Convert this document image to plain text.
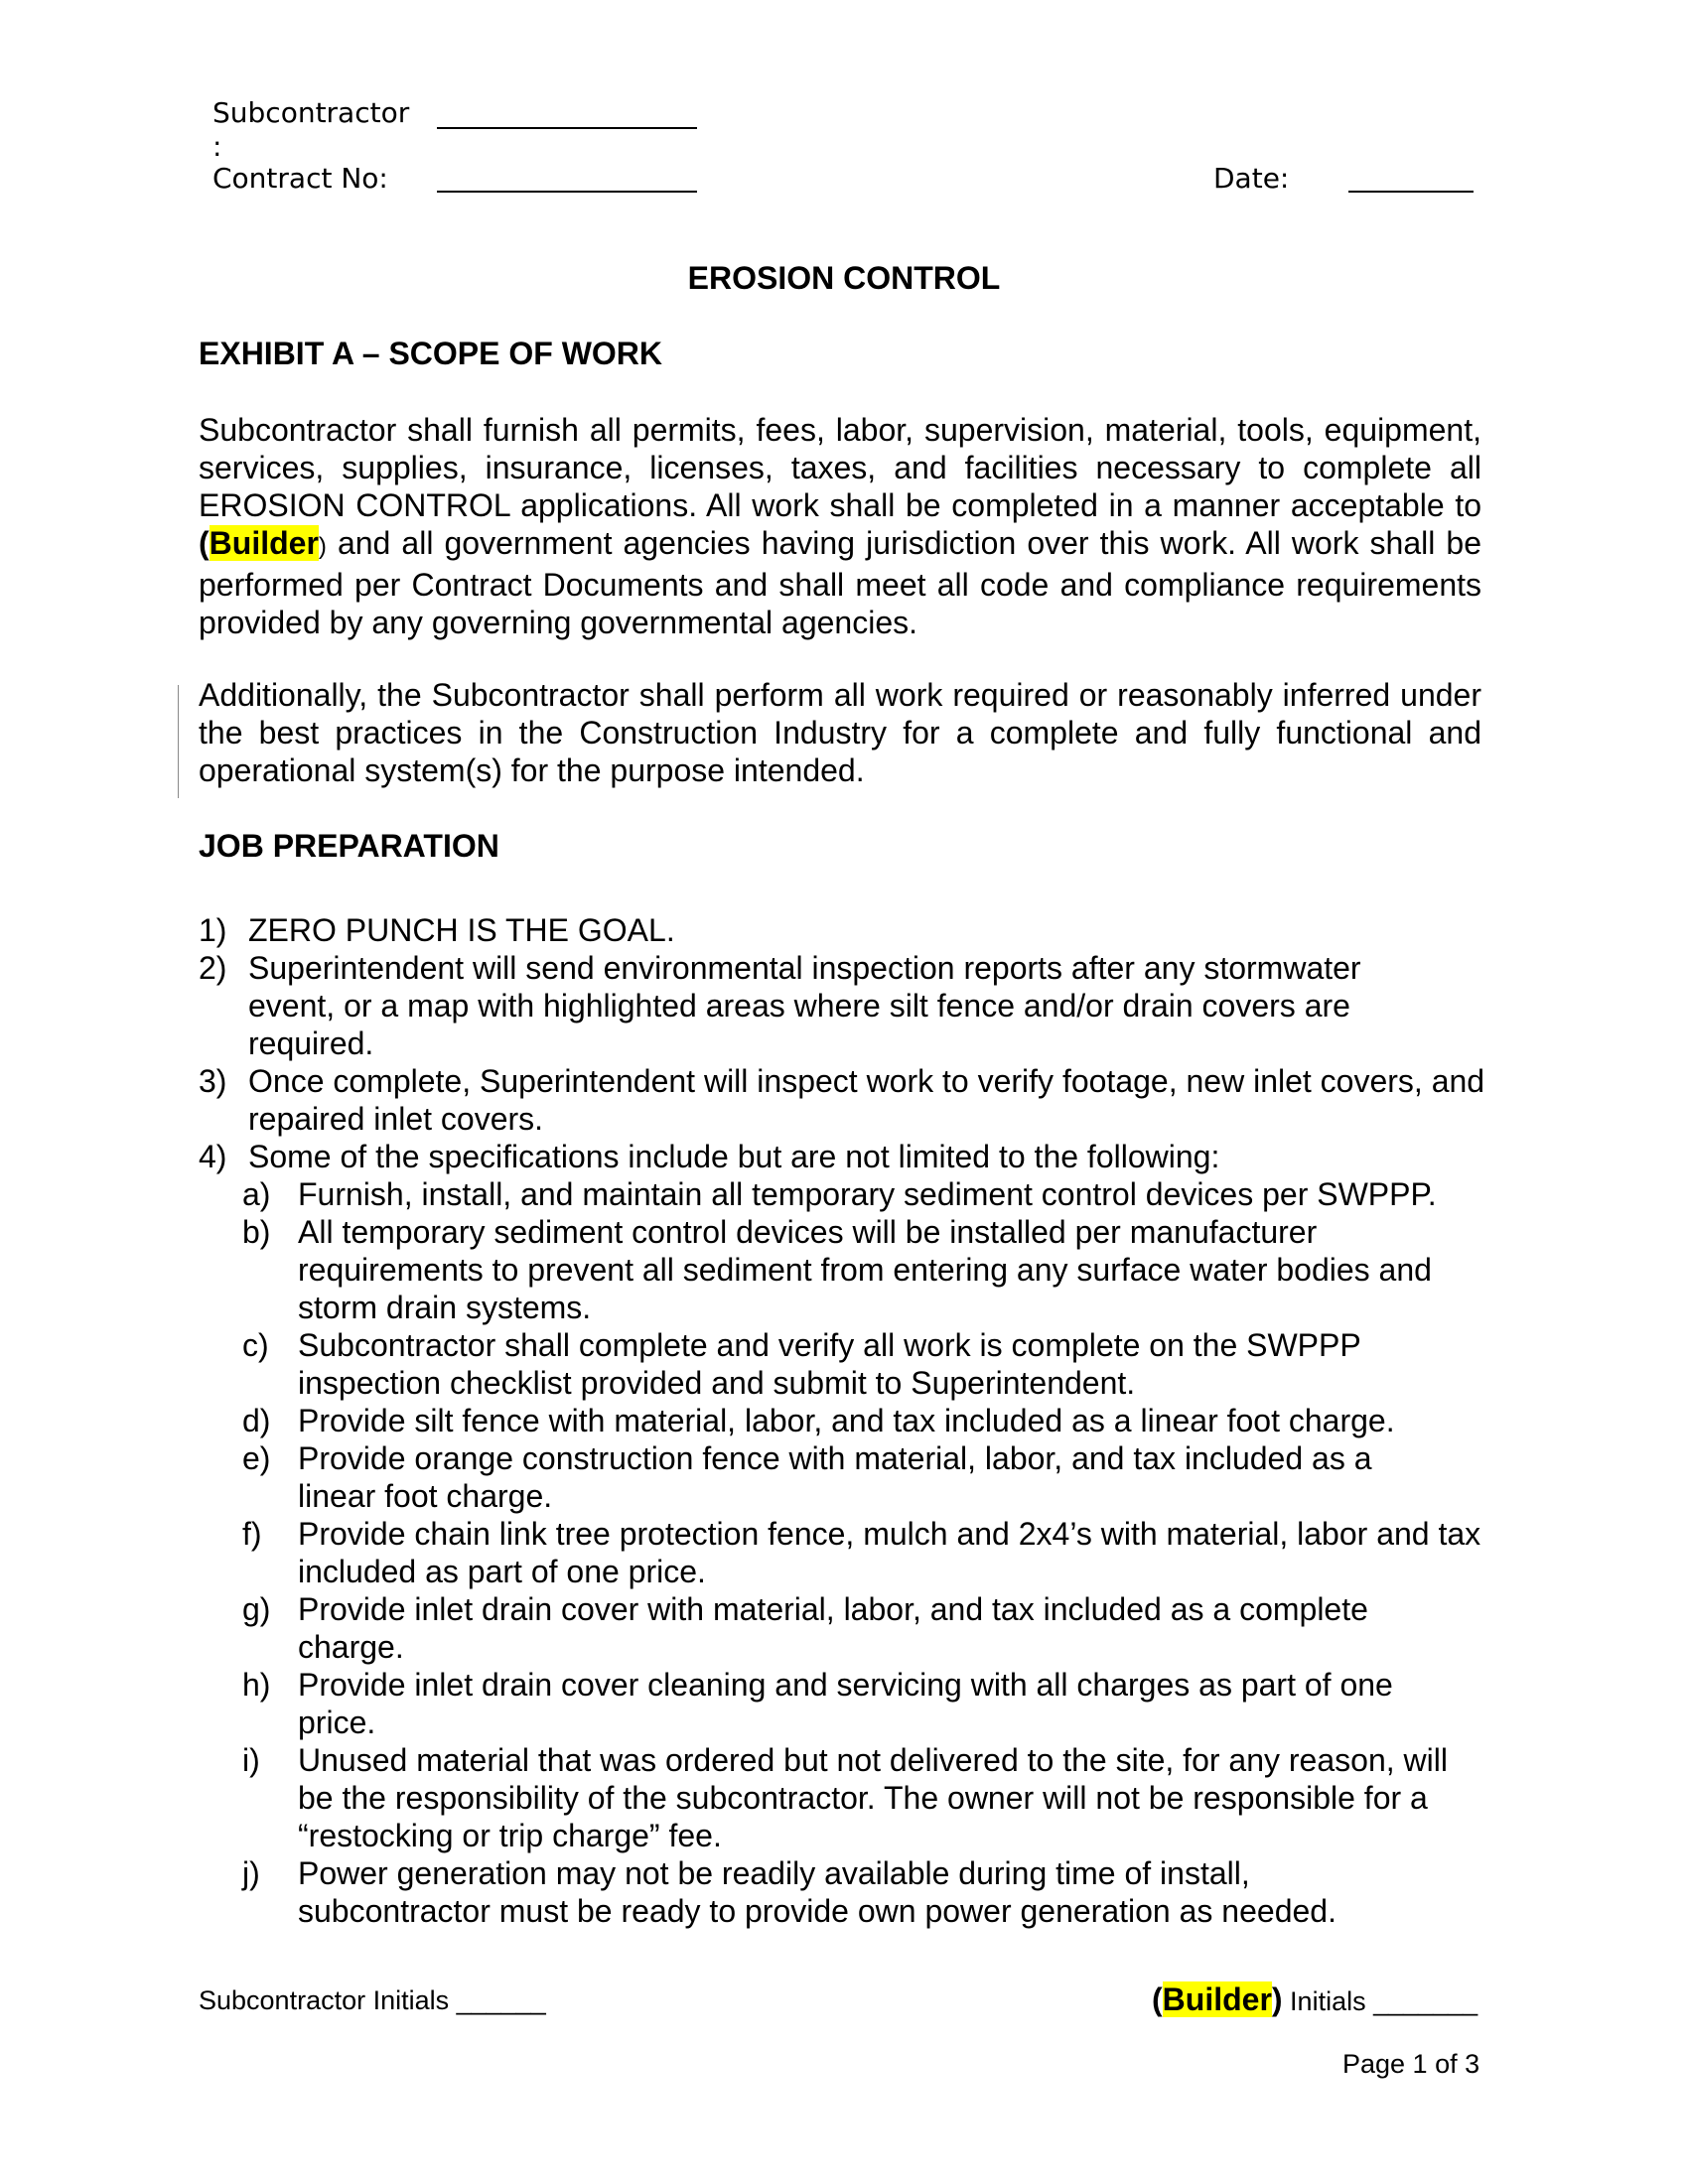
Subcontractor
:
Contract No:	Date:
EROSION CONTROL
EXHIBIT A – SCOPE OF WORK
Subcontractor shall furnish all permits, fees, labor, supervision, material, tools, equipment, services, supplies, insurance, licenses, taxes, and facilities necessary to complete all EROSION CONTROL applications. All work shall be completed in a manner acceptable to (Builder) and all government agencies having jurisdiction over this work. All work shall be performed per Contract Documents and shall meet all code and compliance requirements provided by any governing governmental agencies.
Additionally, the Subcontractor shall perform all work required or reasonably inferred under the best practices in the Construction Industry for a complete and fully functional and operational system(s) for the purpose intended.
JOB PREPARATION
1) ZERO PUNCH IS THE GOAL.
2) Superintendent will send environmental inspection reports after any stormwater event, or a map with highlighted areas where silt fence and/or drain covers are required.
3) Once complete, Superintendent will inspect work to verify footage, new inlet covers, and repaired inlet covers.
4) Some of the specifications include but are not limited to the following:
a) Furnish, install, and maintain all temporary sediment control devices per SWPPP.
b) All temporary sediment control devices will be installed per manufacturer requirements to prevent all sediment from entering any surface water bodies and storm drain systems.
c) Subcontractor shall complete and verify all work is complete on the SWPPP inspection checklist provided and submit to Superintendent.
d) Provide silt fence with material, labor, and tax included as a linear foot charge.
e) Provide orange construction fence with material, labor, and tax included as a linear foot charge.
f) Provide chain link tree protection fence, mulch and 2x4’s with material, labor and tax included as part of one price.
g) Provide inlet drain cover with material, labor, and tax included as a complete charge.
h) Provide inlet drain cover cleaning and servicing with all charges as part of one price.
i) Unused material that was ordered but not delivered to the site, for any reason, will be the responsibility of the subcontractor. The owner will not be responsible for a “restocking or trip charge” fee.
j) Power generation may not be readily available during time of install, subcontractor must be ready to provide own power generation as needed.
Subcontractor Initials ______	(Builder) Initials _______
Page 1 of 3
